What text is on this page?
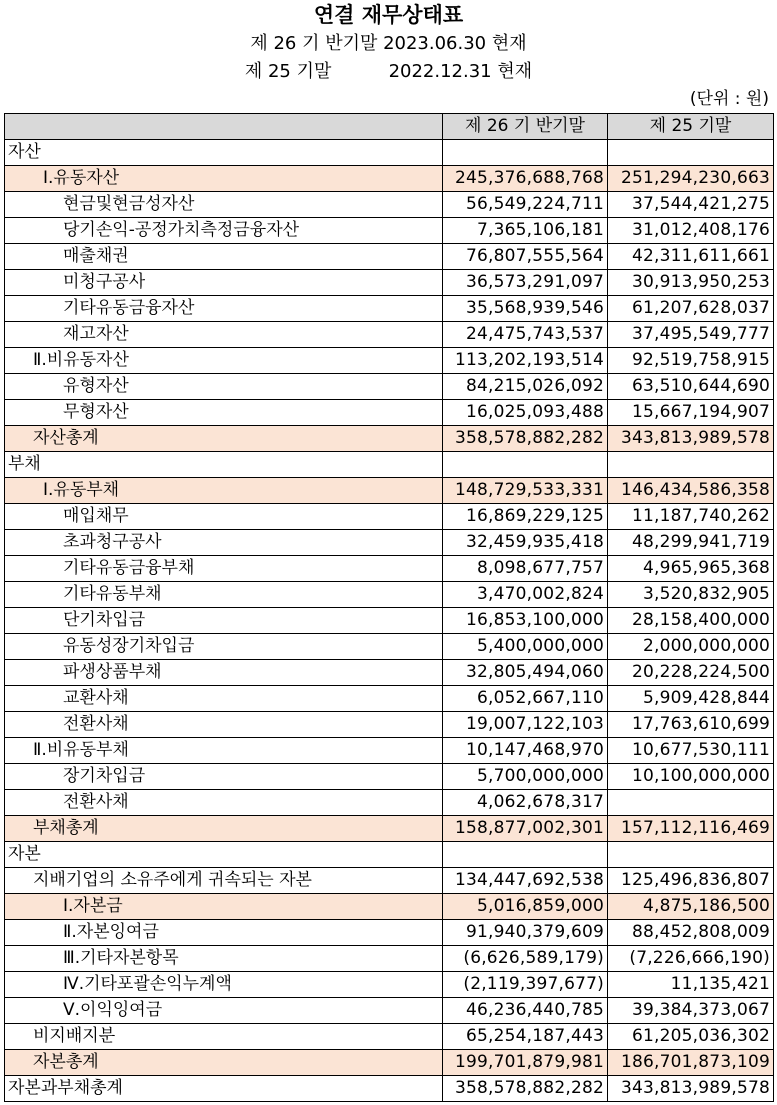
연결 재무상태표
제 26 기 반기말 2023.06.30 현재
제 25 기말          2022.12.31 현재
(단위 : 원)
	제 26 기 반기말	제 25 기말
자산		
Ⅰ.유동자산	245,376,688,768	251,294,230,663
현금및현금성자산	56,549,224,711	37,544,421,275
당기손익-공정가치측정금융자산	7,365,106,181	31,012,408,176
매출채권	76,807,555,564	42,311,611,661
미청구공사	36,573,291,097	30,913,950,253
기타유동금융자산	35,568,939,546	61,207,628,037
재고자산	24,475,743,537	37,495,549,777
Ⅱ.비유동자산	113,202,193,514	92,519,758,915
유형자산	84,215,026,092	63,510,644,690
무형자산	16,025,093,488	15,667,194,907
자산총계	358,578,882,282	343,813,989,578
부채		
Ⅰ.유동부채	148,729,533,331	146,434,586,358
매입채무	16,869,229,125	11,187,740,262
초과청구공사	32,459,935,418	48,299,941,719
기타유동금융부채	8,098,677,757	4,965,965,368
기타유동부채	3,470,002,824	3,520,832,905
단기차입금	16,853,100,000	28,158,400,000
유동성장기차입금	5,400,000,000	2,000,000,000
파생상품부채	32,805,494,060	20,228,224,500
교환사채	6,052,667,110	5,909,428,844
전환사채	19,007,122,103	17,763,610,699
Ⅱ.비유동부채	10,147,468,970	10,677,530,111
장기차입금	5,700,000,000	10,100,000,000
전환사채	4,062,678,317	
부채총계	158,877,002,301	157,112,116,469
자본		
지배기업의 소유주에게 귀속되는 자본	134,447,692,538	125,496,836,807
Ⅰ.자본금	5,016,859,000	4,875,186,500
Ⅱ.자본잉여금	91,940,379,609	88,452,808,009
Ⅲ.기타자본항목	(6,626,589,179)	(7,226,666,190)
Ⅳ.기타포괄손익누계액	(2,119,397,677)	11,135,421
Ⅴ.이익잉여금	46,236,440,785	39,384,373,067
비지배지분	65,254,187,443	61,205,036,302
자본총계	199,701,879,981	186,701,873,109
자본과부채총계	358,578,882,282	343,813,989,578
